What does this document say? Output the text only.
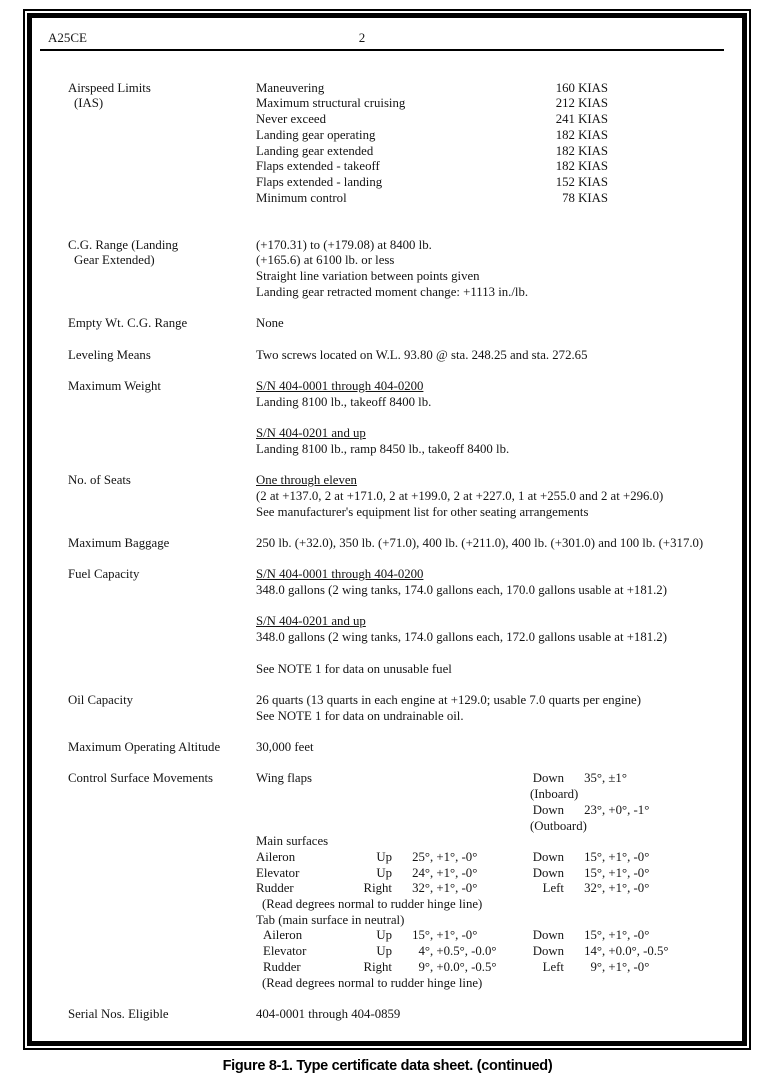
2
A25CE
Airspeed Limits
(IAS)
Maneuvering	160 KIAS
Maximum structural cruising	212 KIAS
Never exceed	241 KIAS
Landing gear operating	182 KIAS
Landing gear extended	182 KIAS
Flaps extended - takeoff	182 KIAS
Flaps extended - landing	152 KIAS
Minimum control	78 KIAS
C.G. Range (Landing
Gear Extended)
(+170.31) to (+179.08) at 8400 lb.
(+165.6) at 6100 lb. or less
Straight line variation between points given
Landing gear retracted moment change: +1113 in./lb.
Empty Wt. C.G. Range	None
Leveling Means	Two screws located on W.L. 93.80 @ sta. 248.25 and sta. 272.65
Maximum Weight	S/N 404-0001 through 404-0200
Landing 8100 lb., takeoff 8400 lb.
S/N 404-0201 and up
Landing 8100 lb., ramp 8450 lb., takeoff 8400 lb.
No. of Seats	One through eleven
(2 at +137.0, 2 at +171.0, 2 at +199.0, 2 at +227.0, 1 at +255.0 and 2 at +296.0)
See manufacturer's equipment list for other seating arrangements
Maximum Baggage	250 lb. (+32.0), 350 lb. (+71.0), 400 lb. (+211.0), 400 lb. (+301.0) and 100 lb. (+317.0)
Fuel Capacity	S/N 404-0001 through 404-0200
348.0 gallons (2 wing tanks, 174.0 gallons each, 170.0 gallons usable at +181.2)
S/N 404-0201 and up
348.0 gallons (2 wing tanks, 174.0 gallons each, 172.0 gallons usable at +181.2)
See NOTE 1 for data on unusable fuel
Oil Capacity	26 quarts (13 quarts in each engine at +129.0; usable 7.0 quarts per engine)
See NOTE 1 for data on undrainable oil.
Maximum Operating Altitude	30,000 feet
Control Surface Movements	Wing flaps	Down	35°, ±1°
(Inboard)
Down	23°, +0°, -1°
(Outboard)
Main surfaces
Aileron	Up	25°, +1°, -0°	Down	15°, +1°, -0°
Elevator	Up	24°, +1°, -0°	Down	15°, +1°, -0°
Rudder	Right	32°, +1°, -0°	Left	32°, +1°, -0°
(Read degrees normal to rudder hinge line)
Tab (main surface in neutral)
Aileron	Up	15°, +1°, -0°	Down	15°, +1°, -0°
Elevator	Up	4°, +0.5°, -0.0°	Down	14°, +0.0°, -0.5°
Rudder	Right	9°, +0.0°, -0.5°	Left	9°, +1°, -0°
(Read degrees normal to rudder hinge line)
Serial Nos. Eligible	404-0001 through 404-0859
Figure 8-1. Type certificate data sheet. (continued)
